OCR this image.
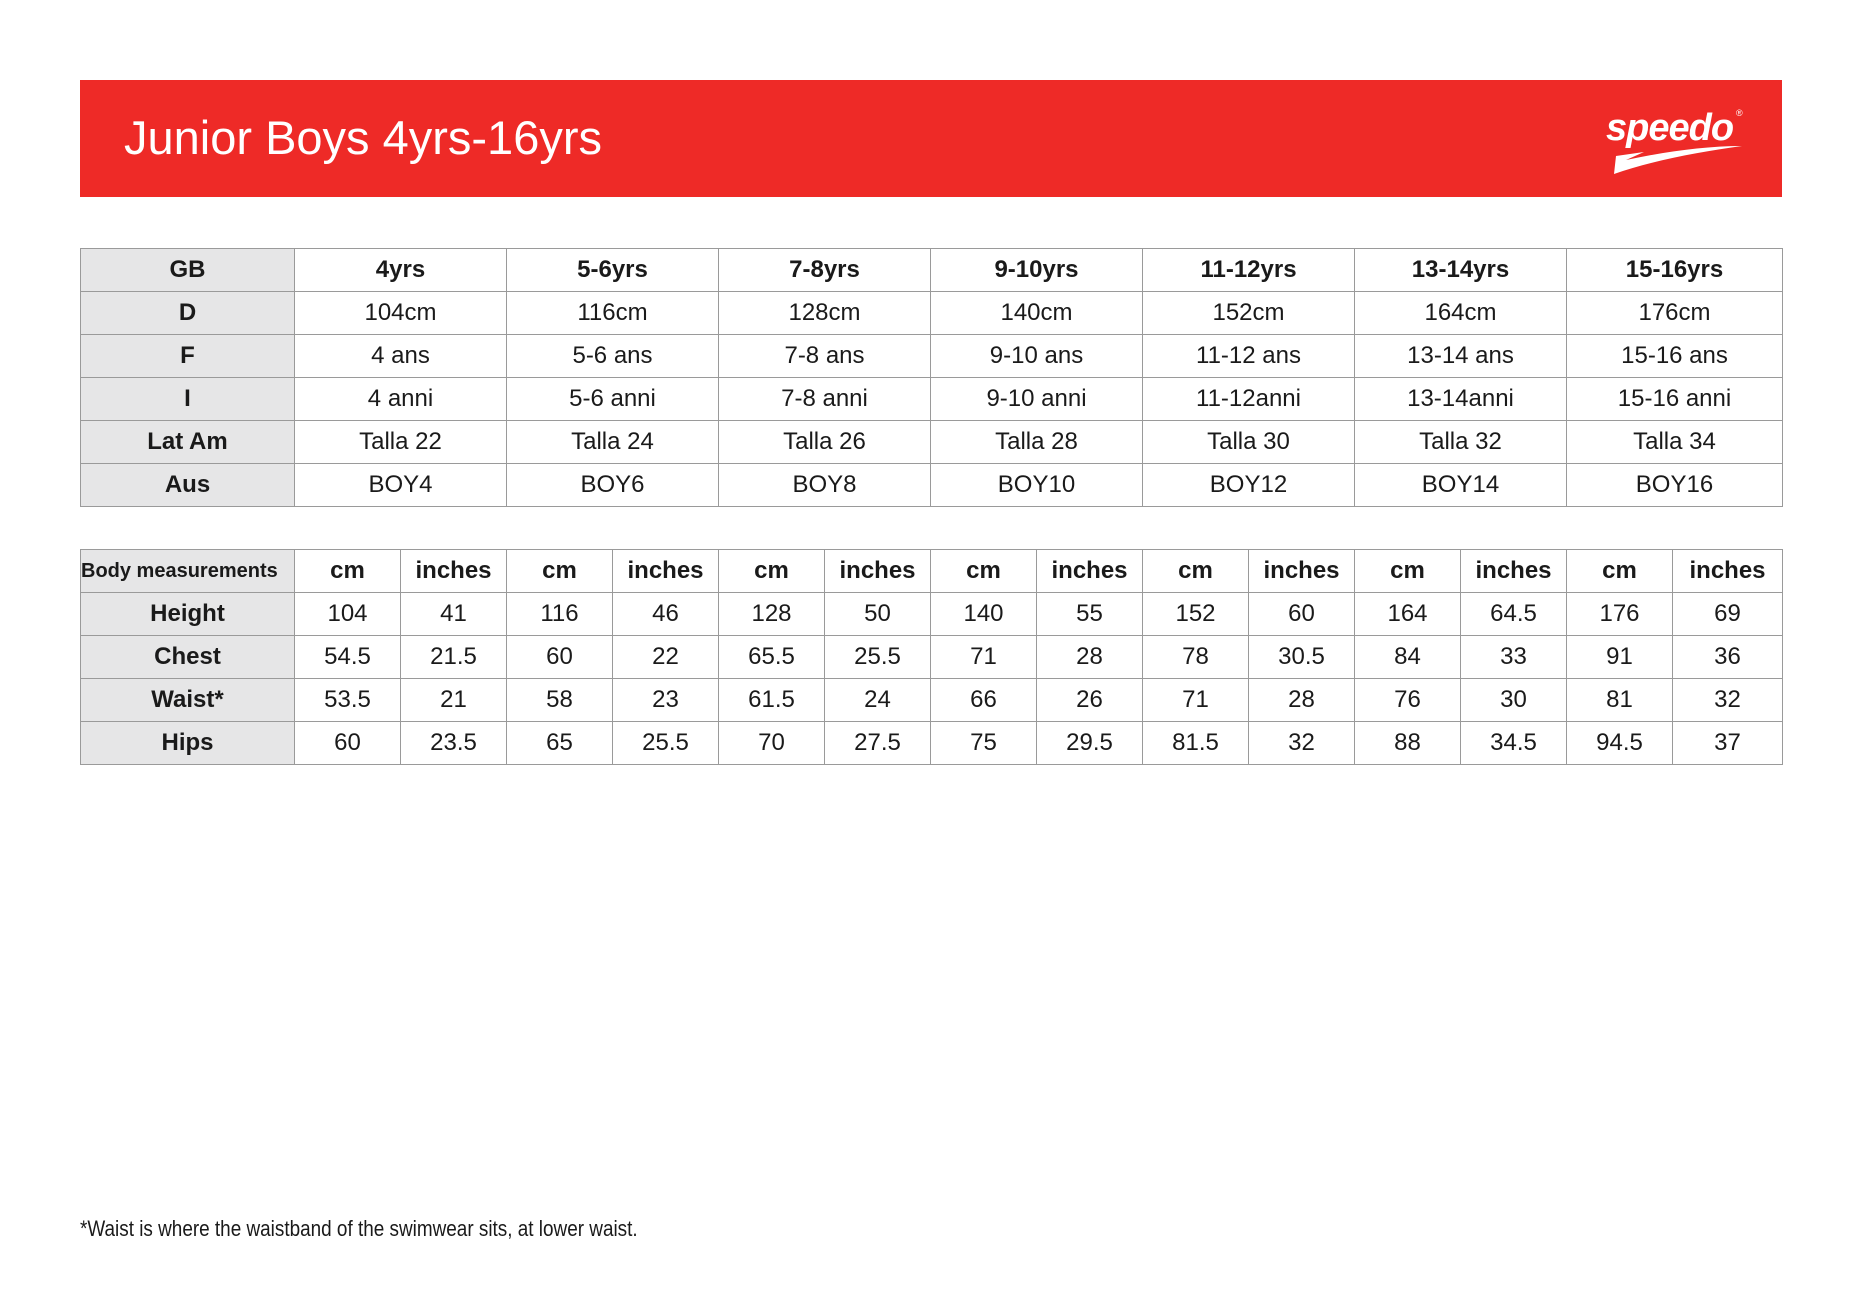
Junior Boys 4yrs-16yrs	speedo ®
GB	4yrs	5-6yrs	7-8yrs	9-10yrs	11-12yrs	13-14yrs	15-16yrs
D	104cm	116cm	128cm	140cm	152cm	164cm	176cm
F	4 ans	5-6 ans	7-8 ans	9-10 ans	11-12 ans	13-14 ans	15-16 ans
I	4 anni	5-6 anni	7-8 anni	9-10 anni	11-12anni	13-14anni	15-16 anni
Lat Am	Talla 22	Talla 24	Talla 26	Talla 28	Talla 30	Talla 32	Talla 34
Aus	BOY4	BOY6	BOY8	BOY10	BOY12	BOY14	BOY16
Body measurements	cm	inches	cm	inches	cm	inches	cm	inches	cm	inches	cm	inches	cm	inches
Height	104	41	116	46	128	50	140	55	152	60	164	64.5	176	69
Chest	54.5	21.5	60	22	65.5	25.5	71	28	78	30.5	84	33	91	36
Waist*	53.5	21	58	23	61.5	24	66	26	71	28	76	30	81	32
Hips	60	23.5	65	25.5	70	27.5	75	29.5	81.5	32	88	34.5	94.5	37
*Waist is where the waistband of the swimwear sits, at lower waist.
